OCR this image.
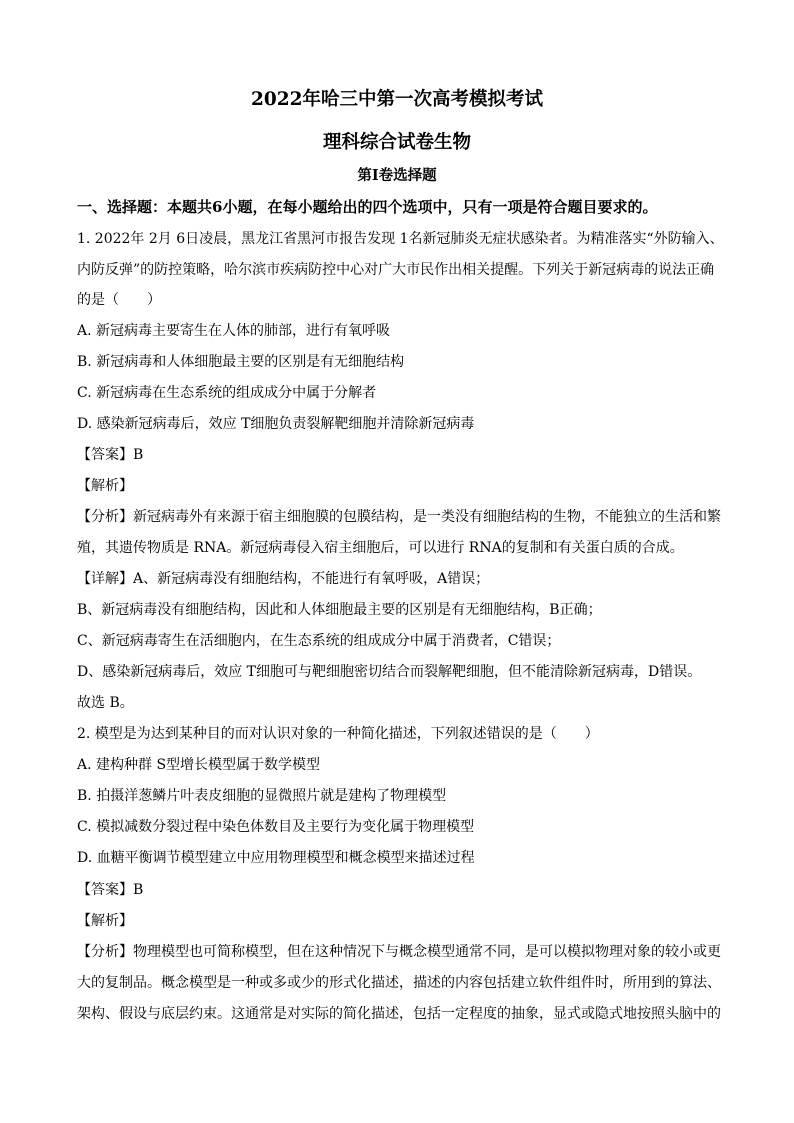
2022年哈三中第一次高考模拟考试
理科综合试卷生物
第Ⅰ卷选择题
一、选择题：本题共6小题，在每小题给出的四个选项中，只有一项是符合题目要求的。
1. 2022年 2月 6日凌晨，黑龙江省黑河市报告发现 1名新冠肺炎无症状感染者。为精准落实“外防输入、
内防反弹”的防控策略，哈尔滨市疾病防控中心对广大市民作出相关提醒。下列关于新冠病毒的说法正确
的是（　　）
A. 新冠病毒主要寄生在人体的肺部，进行有氧呼吸
B. 新冠病毒和人体细胞最主要的区别是有无细胞结构
C. 新冠病毒在生态系统的组成成分中属于分解者
D. 感染新冠病毒后，效应 T细胞负责裂解靶细胞并清除新冠病毒
【答案】B
【解析】
【分析】新冠病毒外有来源于宿主细胞膜的包膜结构，是一类没有细胞结构的生物，不能独立的生活和繁
殖，其遗传物质是 RNA。新冠病毒侵入宿主细胞后，可以进行 RNA的复制和有关蛋白质的合成。
【详解】A、新冠病毒没有细胞结构，不能进行有氧呼吸，A错误；
B、新冠病毒没有细胞结构，因此和人体细胞最主要的区别是有无细胞结构，B正确；
C、新冠病毒寄生在活细胞内，在生态系统的组成成分中属于消费者，C错误；
D、感染新冠病毒后，效应 T细胞可与靶细胞密切结合而裂解靶细胞，但不能清除新冠病毒，D错误。
故选 B。
2. 模型是为达到某种目的而对认识对象的一种简化描述，下列叙述错误的是（　　）
A. 建构种群 S型增长模型属于数学模型
B. 拍摄洋葱鳞片叶表皮细胞的显微照片就是建构了物理模型
C. 模拟减数分裂过程中染色体数目及主要行为变化属于物理模型
D. 血糖平衡调节模型建立中应用物理模型和概念模型来描述过程
【答案】B
【解析】
【分析】物理模型也可简称模型，但在这种情况下与概念模型通常不同，是可以模拟物理对象的较小或更
大的复制品。概念模型是一种或多或少的形式化描述，描述的内容包括建立软件组件时，所用到的算法、
架构、假设与底层约束。这通常是对实际的简化描述，包括一定程度的抽象，显式或隐式地按照头脑中的
